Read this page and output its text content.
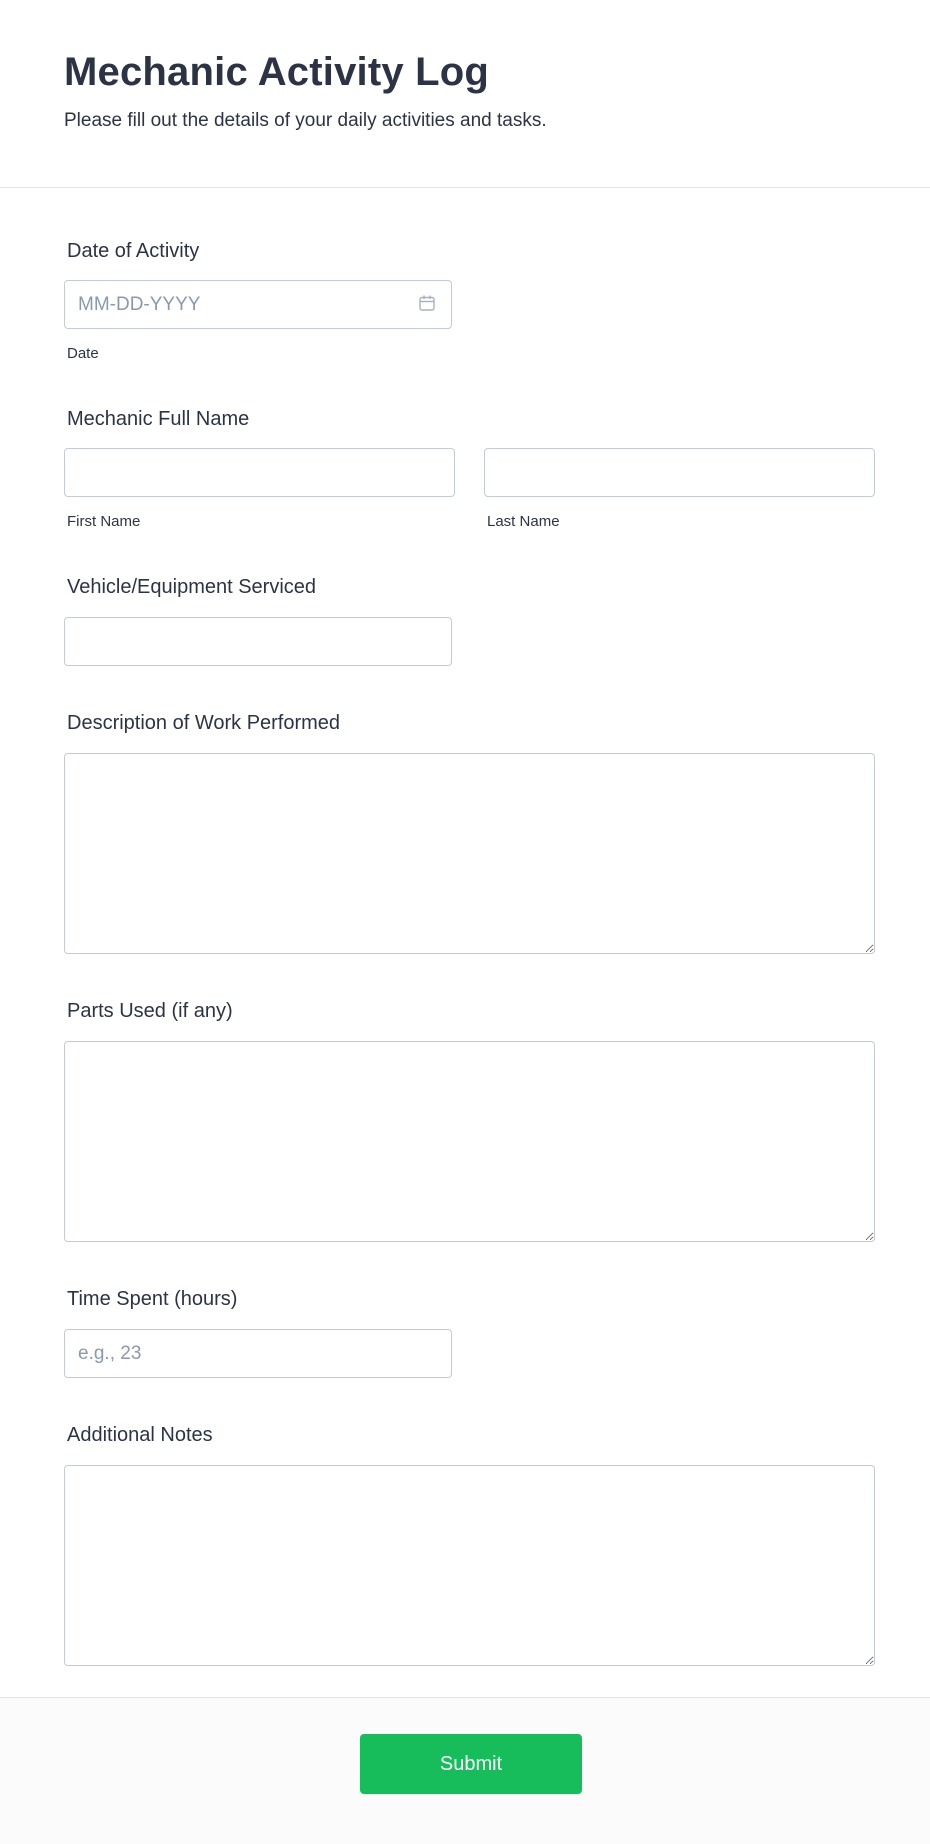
Mechanic Activity Log

Please fill out the details of your daily activities and tasks.

Date of Activity
MM-DD-YYYY
Date
Mechanic Full Name
First Name	Last Name
Vehicle/Equipment Serviced
Description of Work Performed
Parts Used (if any)
Time Spent (hours)
e.g., 23
Additional Notes
Submit
